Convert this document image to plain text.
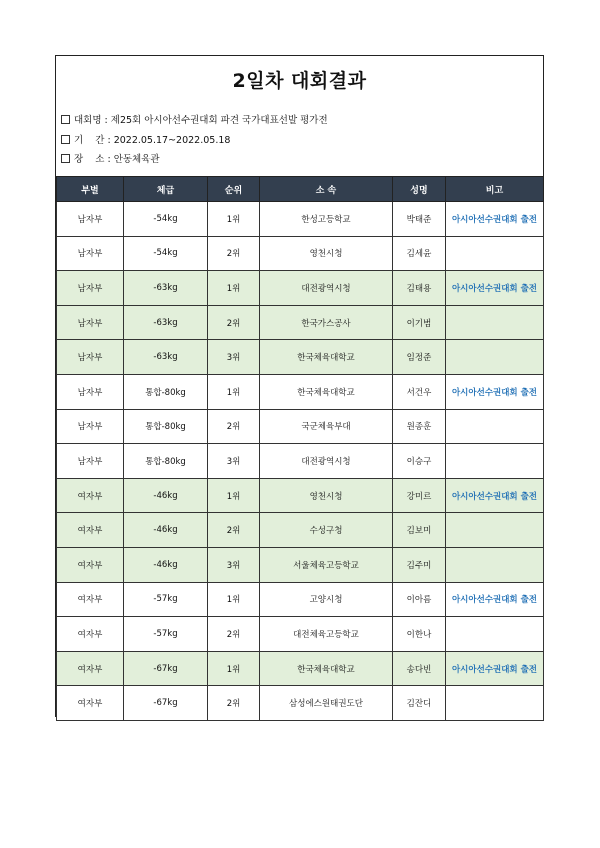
2일차 대회결과
대회명 : 제25회 아시아선수권대회 파견 국가대표선발 평가전
기    간 : 2022.05.17~2022.05.18
장    소 : 안동체육관
부별	체급	순위	소 속	성명	비고
남자부	-54kg	1위	한성고등학교	박태준	아시아선수권대회 출전
남자부	-54kg	2위	영천시청	김세윤	
남자부	-63kg	1위	대전광역시청	김태용	아시아선수권대회 출전
남자부	-63kg	2위	한국가스공사	이기범	
남자부	-63kg	3위	한국체육대학교	임정준	
남자부	통합-80kg	1위	한국체육대학교	서건우	아시아선수권대회 출전
남자부	통합-80kg	2위	국군체육부대	원종훈	
남자부	통합-80kg	3위	대전광역시청	이승구	
여자부	-46kg	1위	영천시청	강미르	아시아선수권대회 출전
여자부	-46kg	2위	수성구청	김보미	
여자부	-46kg	3위	서울체육고등학교	김주미	
여자부	-57kg	1위	고양시청	이아름	아시아선수권대회 출전
여자부	-57kg	2위	대전체육고등학교	이한나	
여자부	-67kg	1위	한국체육대학교	송다빈	아시아선수권대회 출전
여자부	-67kg	2위	삼성에스원태권도단	김잔디	
